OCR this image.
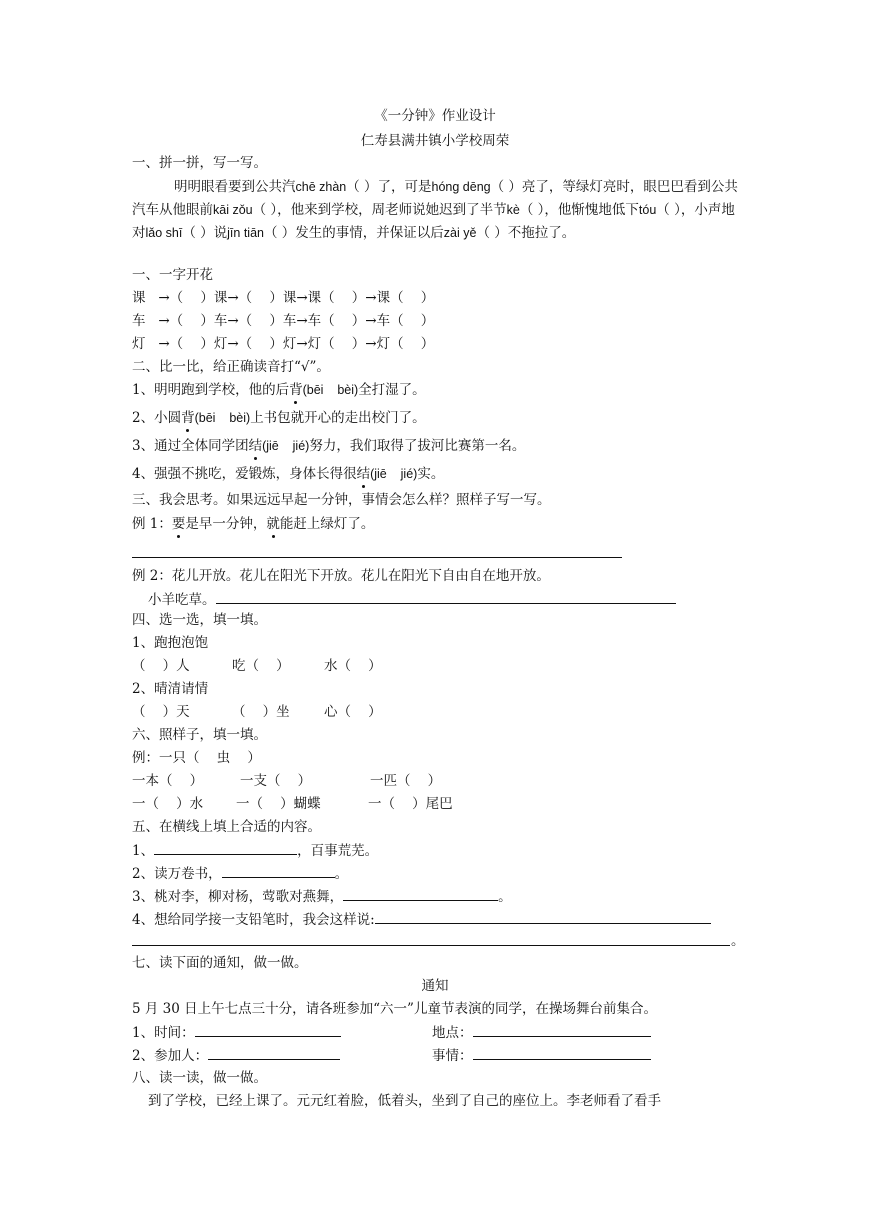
《一分钟》作业设计
仁寿县满井镇小学校周荣
一、拼一拼，写一写。
明明眼看要到公共汽chē zhàn（ ）了，可是hóng dēng（ ）亮了，等绿灯亮时，眼巴巴看到公共汽车从他眼前kāi zǒu（ ），他来到学校，周老师说她迟到了半节kè（ ），他惭愧地低下tóu（ ），小声地对lǎo shī（ ）说jīn tiān（ ）发生的事情，并保证以后zài yě（ ）不拖拉了。
一、一字开花
课   →（    ）课→（    ）课→课（    ）→课（    ）
车   →（    ）车→（    ）车→车（    ）→车（    ）
灯   →（    ）灯→（    ）灯→灯（    ）→灯（    ）
二、比一比，给正确读音打“√”。
1、明明跑到学校，他的后背(bēi    bèi)全打湿了。
2、小圆背(bēi    bèi)上书包就开心的走出校门了。
3、通过全体同学团结(jiē    jié)努力，我们取得了拔河比赛第一名。
4、强强不挑吃，爱锻炼，身体长得很结(jiē    jié)实。
三、我会思考。如果远远早起一分钟，事情会怎么样？照样子写一写。
例 1：要是早一分钟，就能赶上绿灯了。
例 2：花儿开放。花儿在阳光下开放。花儿在阳光下自由自在地开放。
小羊吃草。
四、选一选，填一填。
1、跑抱泡饱
（    ）人	吃（    ）	水（    ）
2、晴清请情
（    ）天	（    ）坐	心（    ）
六、照样子，填一填。
例：一只（    虫    ）
一本（    ）	一支（    ）	一匹（    ）
一（    ）水 一（    ）蝴蝶	一（    ）尾巴
五、在横线上填上合适的内容。
1、	，百事荒芜。
2、读万卷书，	。
3、桃对李，柳对杨，莺歌对燕舞，	。
4、想给同学接一支铅笔时，我会这样说:
。
七、读下面的通知，做一做。
通知
5 月 30 日上午七点三十分，请各班参加“六一”儿童节表演的同学，在操场舞台前集合。
1、时间：	地点：
2、参加人：	事情：
八、读一读，做一做。
到了学校，已经上课了。元元红着脸，低着头，坐到了自己的座位上。李老师看了看手
